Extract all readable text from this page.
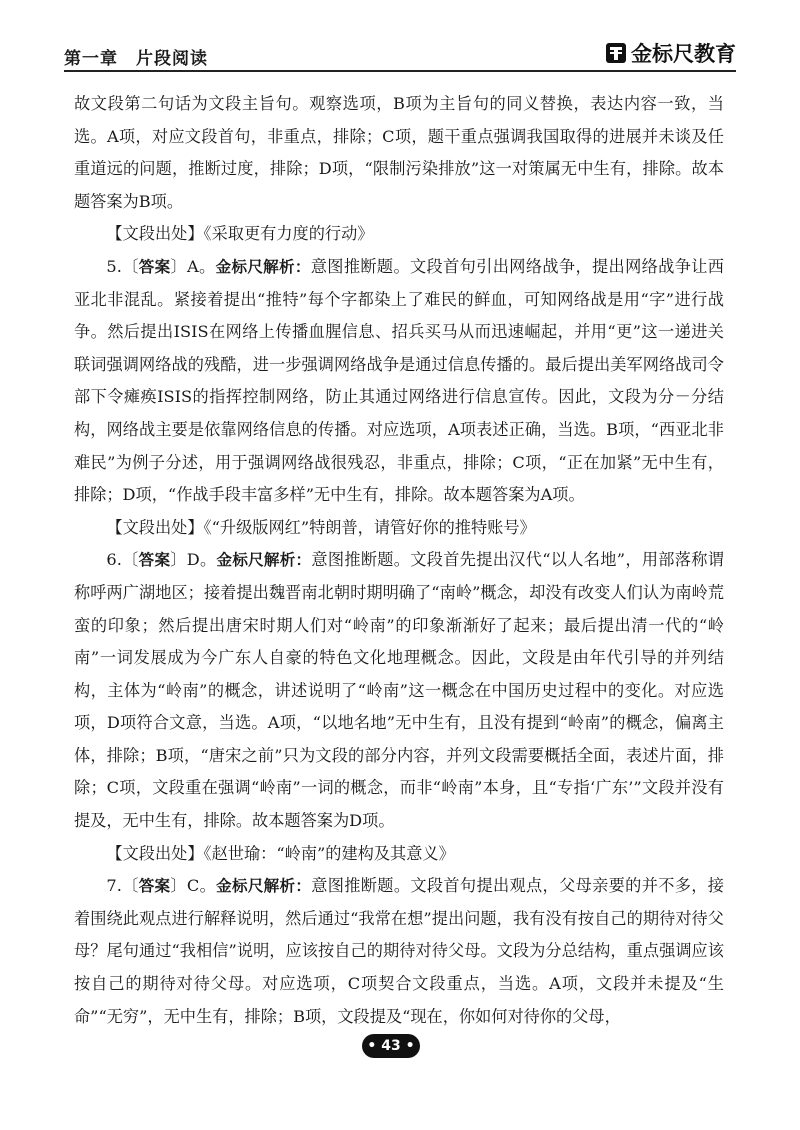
第一章　片段阅读	金标尺教育

故文段第二句话为文段主旨句。观察选项，B项为主旨句的同义替换，表达内容一致，当选。A项，对应文段首句，非重点，排除；C项，题干重点强调我国取得的进展并未谈及任重道远的问题，推断过度，排除；D项，“限制污染排放”这一对策属无中生有，排除。故本题答案为B项。

【文段出处】《采取更有力度的行动》

5.〔答案〕A。金标尺解析：意图推断题。文段首句引出网络战争，提出网络战争让西亚北非混乱。紧接着提出“推特”每个字都染上了难民的鲜血，可知网络战是用“字”进行战争。然后提出ISIS在网络上传播血腥信息、招兵买马从而迅速崛起，并用“更”这一递进关联词强调网络战的残酷，进一步强调网络战争是通过信息传播的。最后提出美军网络战司令部下令瘫痪ISIS的指挥控制网络，防止其通过网络进行信息宣传。因此，文段为分－分结构，网络战主要是依靠网络信息的传播。对应选项，A项表述正确，当选。B项，“西亚北非难民”为例子分述，用于强调网络战很残忍，非重点，排除；C项，“正在加紧”无中生有，排除；D项，“作战手段丰富多样”无中生有，排除。故本题答案为A项。

【文段出处】《“升级版网红”特朗普，请管好你的推特账号》

6.〔答案〕D。金标尺解析：意图推断题。文段首先提出汉代“以人名地”，用部落称谓称呼两广湖地区；接着提出魏晋南北朝时期明确了“南岭”概念，却没有改变人们认为南岭荒蛮的印象；然后提出唐宋时期人们对“岭南”的印象渐渐好了起来；最后提出清一代的“岭南”一词发展成为今广东人自豪的特色文化地理概念。因此，文段是由年代引导的并列结构，主体为“岭南”的概念，讲述说明了“岭南”这一概念在中国历史过程中的变化。对应选项，D项符合文意，当选。A项，“以地名地”无中生有，且没有提到“岭南”的概念，偏离主体，排除；B项，“唐宋之前”只为文段的部分内容，并列文段需要概括全面，表述片面，排除；C项，文段重在强调“岭南”一词的概念，而非“岭南”本身，且“专指‘广东’”文段并没有提及，无中生有，排除。故本题答案为D项。

【文段出处】《赵世瑜：“岭南”的建构及其意义》

7.〔答案〕C。金标尺解析：意图推断题。文段首句提出观点，父母亲要的并不多，接着围绕此观点进行解释说明，然后通过“我常在想”提出问题，我有没有按自己的期待对待父母？尾句通过“我相信”说明，应该按自己的期待对待父母。文段为分总结构，重点强调应该按自己的期待对待父母。对应选项，C项契合文段重点，当选。A项，文段并未提及“生命”“无穷”，无中生有，排除；B项，文段提及“现在，你如何对待你的父母，

• 43 •
